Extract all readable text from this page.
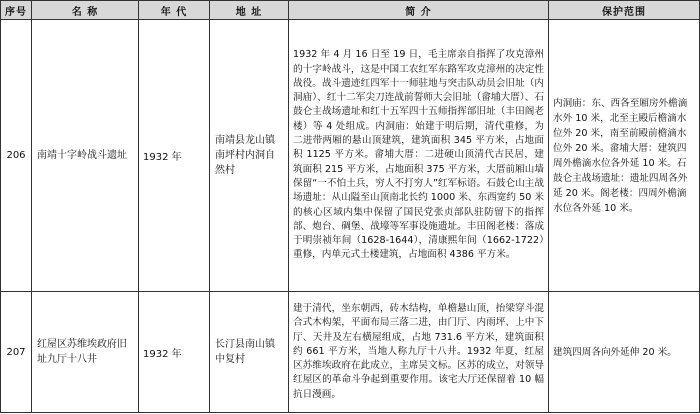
序号	名 称	年 代	地 址	简 介	保护范围
206	南靖十字岭战斗遗址	1932 年	南靖县龙山镇南坪村内洞自然村	1932 年 4 月 16 日至 19 日，毛主席亲自指挥了攻克漳州的十字岭战斗，这是中国工农红军东路军攻克漳州的决定性战役。战斗遗迹红四军十一师驻地与突击队动员会旧址（内洞庙）、红十二军尖刀连战前誓师大会旧址（畲埔大厝）、石鼓仑主战场遗址和红十五军四十五师指挥部旧址（丰田阁老楼）等 4 处组成。内洞庙：始建于明后期，清代重修，为二进带两厢的悬山顶建筑，建筑面积 345 平方米，占地面积 1125 平方米。畲埔大厝：二进硬山顶清代古民居，建筑面积 215 平方米，占地面积 375 平方米，大厝前厢山墙保留“一不怕土兵，穷人不打穷人”红军标语。石鼓仑山主战场遗址：从山隘至山顶南北长约 1000 米、东西宽约 50 米的核心区域内集中保留了国民党张贞部队驻防留下的指挥部、炮台、碉堡、战壕等军事设施遗址。丰田阁老楼：落成于明崇祯年间（1628-1644），清康熙年间（1662-1722）重修，内单元式土楼建筑，占地面积 4386 平方米。	内洞庙：东、西各至厢房外檐滴水外 10 米，北至主殿后檐滴水位外 20 米，南至前殿前檐滴水位外 20 米。畲埔大厝：建筑四周外檐滴水位各外延 10 米。石鼓仑主战场遗址：遗址四周各外延 20 米。阁老楼：四周外檐滴水位各外延 10 米。
207	红屋区苏维埃政府旧址九厅十八井	1932 年	长汀县南山镇中复村	建于清代，坐东朝西，砖木结构，单檐悬山顶，抬梁穿斗混合式木构架，平面布局三落二进，由门厅、内雨坪、上中下厅、天井及左右横屋组成，占地 731.6 平方米，建筑面积约 661 平方米，当地人称九厅十八井。1932 年夏，红屋区苏维埃政府在此成立，主席吴文标。区苏的成立，对领导红屋区的革命斗争起到重要作用。该宅大厅还保留着 10 幅抗日漫画。	建筑四周各向外延伸 20 米。
